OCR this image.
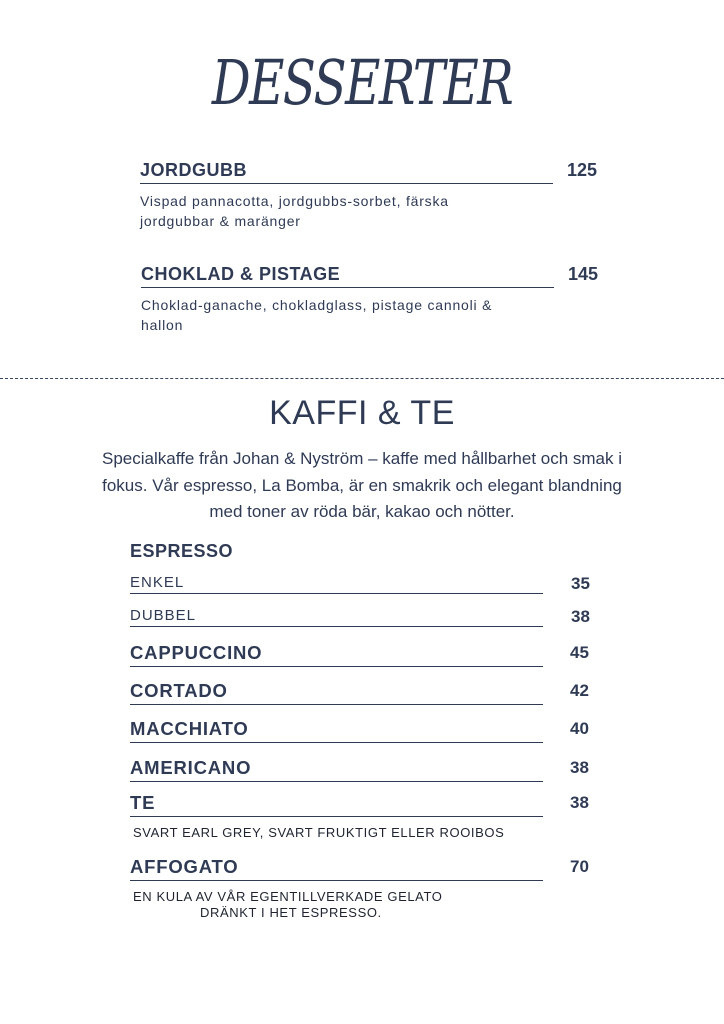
DESSERTER
JORDGUBB	125
Vispad pannacotta, jordgubbs-sorbet, färska
jordgubbar & maränger
CHOKLAD & PISTAGE	145
Choklad-ganache, chokladglass, pistage cannoli &
hallon
KAFFI & TE
Specialkaffe från Johan & Nyström – kaffe med hållbarhet och smak i
fokus. Vår espresso, La Bomba, är en smakrik och elegant blandning
med toner av röda bär, kakao och nötter.
ESPRESSO
ENKEL	35
DUBBEL	38
CAPPUCCINO	45
CORTADO	42
MACCHIATO	40
AMERICANO	38
TE	38
SVART EARL GREY, SVART FRUKTIGT ELLER ROOIBOS
AFFOGATO	70
EN KULA AV VÅR EGENTILLVERKADE GELATO
DRÄNKT I HET ESPRESSO.
